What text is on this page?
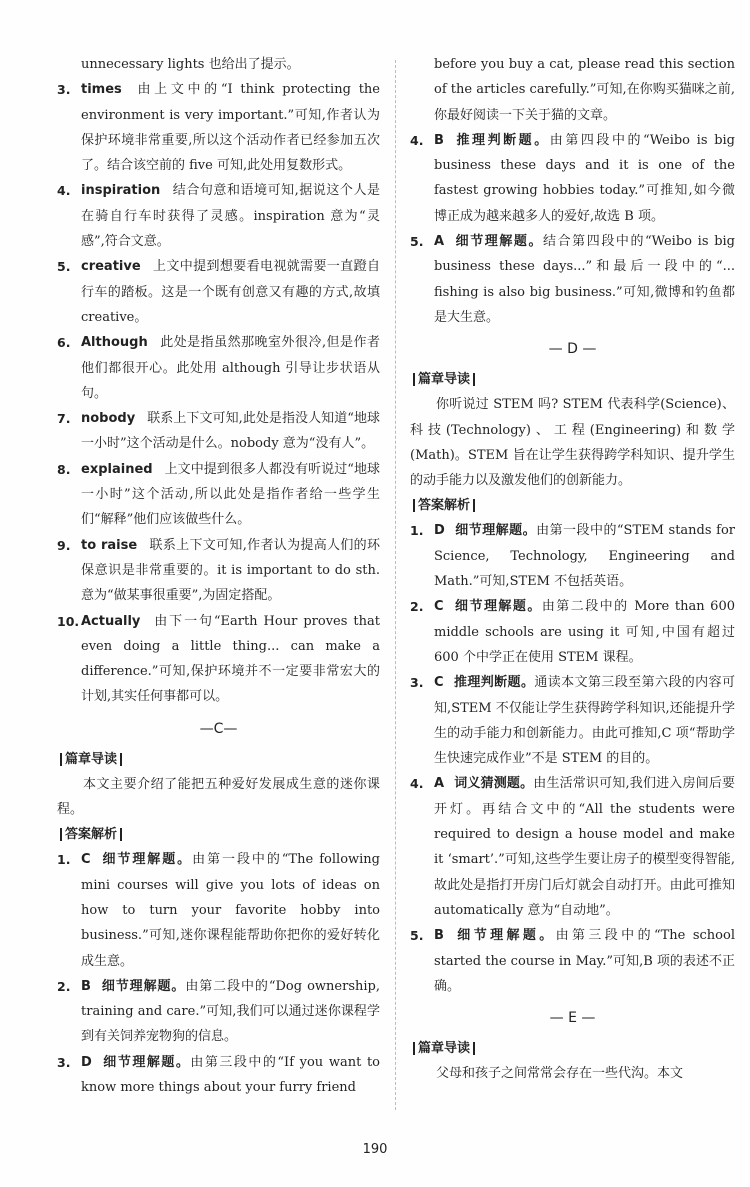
unnecessary lights 也给出了提示。

3. times 由上文中的“I think protecting the environment is very important.”可知,作者认为保护环境非常重要,所以这个活动作者已经参加五次了。结合该空前的 five 可知,此处用复数形式。

4. inspiration 结合句意和语境可知,据说这个人是在骑自行车时获得了灵感。inspiration 意为“灵感”,符合文意。

5. creative 上文中提到想要看电视就需要一直蹬自行车的踏板。这是一个既有创意又有趣的方式,故填 creative。

6. Although 此处是指虽然那晚室外很冷,但是作者他们都很开心。此处用 although 引导让步状语从句。

7. nobody 联系上下文可知,此处是指没人知道“地球一小时”这个活动是什么。nobody 意为“没有人”。

8. explained 上文中提到很多人都没有听说过“地球一小时”这个活动,所以此处是指作者给一些学生们“解释”他们应该做些什么。

9. to raise 联系上下文可知,作者认为提高人们的环保意识是非常重要的。it is important to do sth.意为“做某事很重要”,为固定搭配。

10. Actually 由下一句“Earth Hour proves that even doing a little thing... can make a difference.”可知,保护环境并不一定要非常宏大的计划,其实任何事都可以。

—C—
篇章导读

本文主要介绍了能把五种爱好发展成生意的迷你课程。

答案解析
1. C 细节理解题。由第一段中的“The following mini courses will give you lots of ideas on how to turn your favorite hobby into business.”可知,迷你课程能帮助你把你的爱好转化成生意。

2. B 细节理解题。由第二段中的“Dog ownership, training and care.”可知,我们可以通过迷你课程学到有关饲养宠物狗的信息。

3. D 细节理解题。由第三段中的“If you want to know more things about your furry friend

before you buy a cat, please read this section of the articles carefully.”可知,在你购买猫咪之前,你最好阅读一下关于猫的文章。

4. B 推理判断题。由第四段中的“Weibo is big business these days and it is one of the fastest growing hobbies today.”可推知,如今微博正成为越来越多人的爱好,故选 B 项。

5. A 细节理解题。结合第四段中的“Weibo is big business these days...”和最后一段中的“... fishing is also big business.”可知,微博和钓鱼都是大生意。

— D —
篇章导读

你听说过 STEM 吗? STEM 代表科学(Science)、科技(Technology)、工程(Engineering)和数学(Math)。STEM 旨在让学生获得跨学科知识、提升学生的动手能力以及激发他们的创新能力。

答案解析
1. D 细节理解题。由第一段中的“STEM stands for Science, Technology, Engineering and Math.”可知,STEM 不包括英语。

2. C 细节理解题。由第二段中的 More than 600 middle schools are using it 可知,中国有超过 600 个中学正在使用 STEM 课程。

3. C 推理判断题。通读本文第三段至第六段的内容可知,STEM 不仅能让学生获得跨学科知识,还能提升学生的动手能力和创新能力。由此可推知,C 项“帮助学生快速完成作业”不是 STEM 的目的。

4. A 词义猜测题。由生活常识可知,我们进入房间后要开灯。再结合文中的“All the students were required to design a house model and make it ‘smart’.”可知,这些学生要让房子的模型变得智能,故此处是指打开房门后灯就会自动打开。由此可推知 automatically 意为“自动地”。

5. B 细节理解题。由第三段中的“The school started the course in May.”可知,B 项的表述不正确。

— E —
篇章导读

父母和孩子之间常常会存在一些代沟。本文

190
